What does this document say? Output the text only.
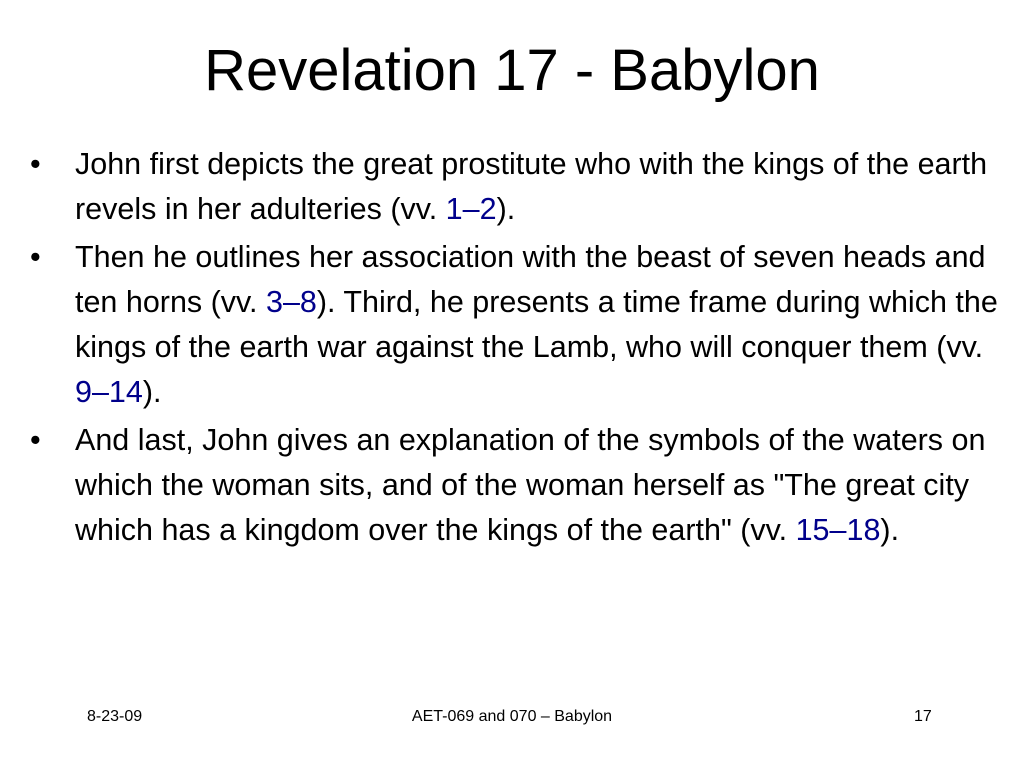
Revelation 17 - Babylon
•	John first depicts the great prostitute who with the kings of the earth revels in her adulteries (vv. 1–2).
•	Then he outlines her association with the beast of seven heads and ten horns (vv. 3–8). Third, he presents a time frame during which the kings of the earth war against the Lamb, who will conquer them (vv. 9–14).
•	And last, John gives an explanation of the symbols of the waters on which the woman sits, and of the woman herself as "The great city which has a kingdom over the kings of the earth" (vv. 15–18).
8-23-09	AET-069 and 070 – Babylon	17
